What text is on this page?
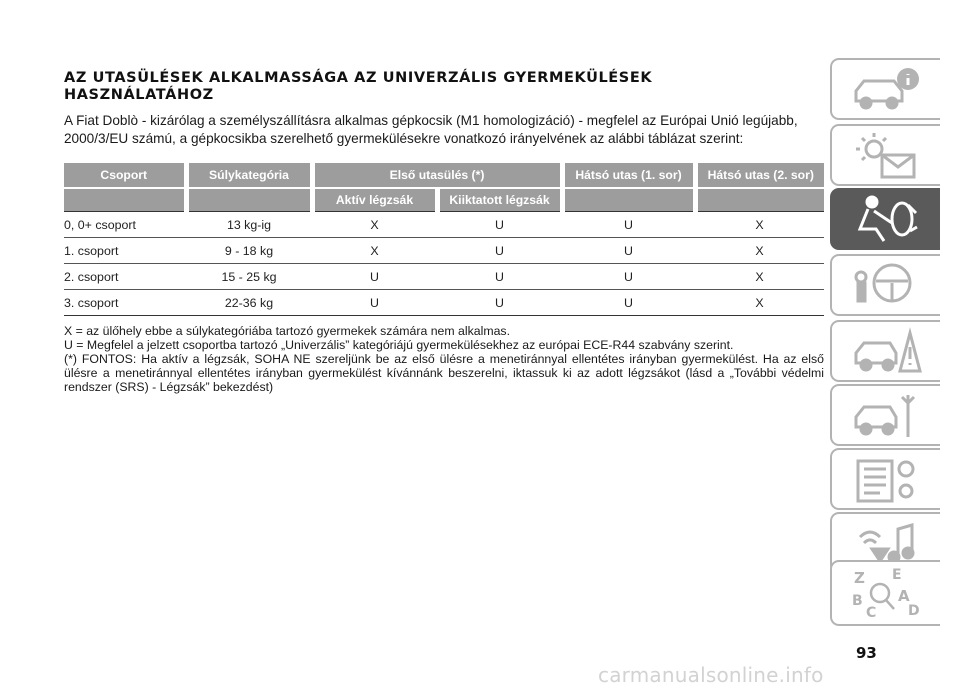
AZ UTASÜLÉSEK ALKALMASSÁGA AZ UNIVERZÁLIS GYERMEKÜLÉSEK HASZNÁLATÁHOZ
A Fiat Doblò - kizárólag a személyszállításra alkalmas gépkocsik (M1 homologizáció) - megfelel az Európai Unió legújabb, 2000/3/EU számú, a gépkocsikba szerelhető gyermekülésekre vonatkozó irányelvének az alábbi táblázat szerint:
Csoport	Súlykategória	Első utasülés (*)		Hátsó utas (1. sor)	Hátsó utas (2. sor)
		Aktív légzsák	Kiiktatott légzsák		
0, 0+ csoport	13 kg-ig	X	U	U	X
1. csoport	9 - 18 kg	X	U	U	X
2. csoport	15 - 25 kg	U	U	U	X
3. csoport	22-36 kg	U	U	U	X

X = az ülőhely ebbe a súlykategóriába tartozó gyermekek számára nem alkalmas.

U = Megfelel a jelzett csoportba tartozó „Univerzális” kategóriájú gyermekülésekhez az európai ECE-R44 szabvány szerint.

(*) FONTOS: Ha aktív a légzsák, SOHA NE szereljünk be az első ülésre a menetiránnyal ellentétes irányban gyermekülést. Ha az első ülésre a menetiránnyal ellentétes irányban gyermekülést kívánnánk beszerelni, iktassuk ki az adott légzsákot (lásd a „További védelmi rendszer (SRS) - Légzsák” bekezdést)

93
carmanualsonline.info
Z E
B A
C D
